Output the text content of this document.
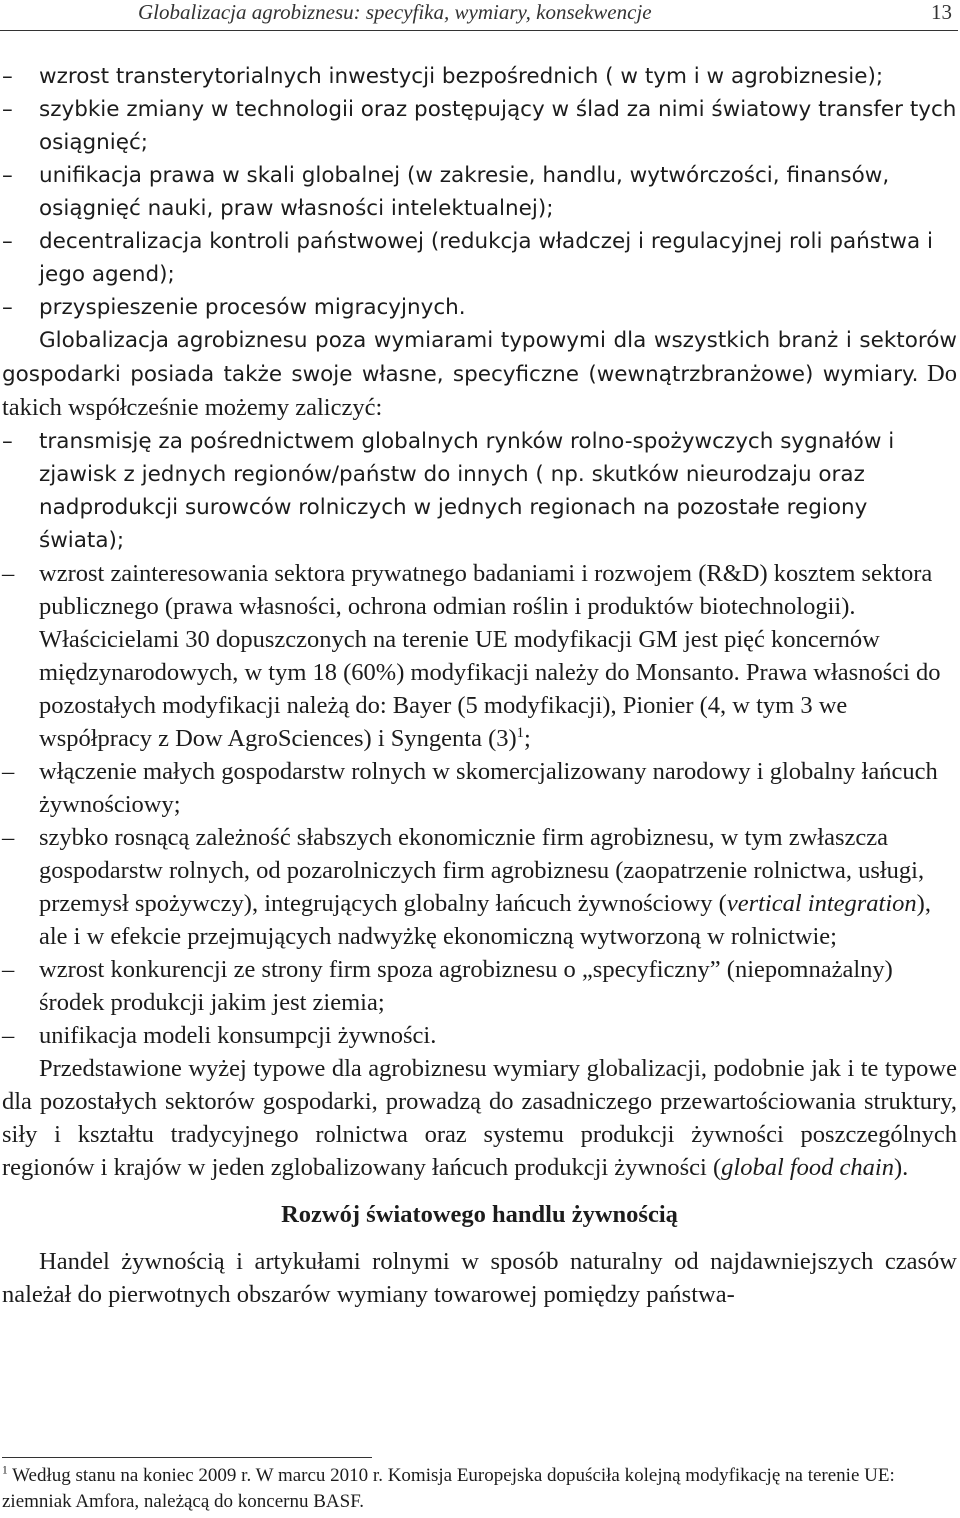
Globalizacja agrobiznesu: specyfika, wymiary, konsekwencje	13
– wzrost transterytorialnych inwestycji bezpośrednich ( w tym i w agrobiznesie);
– szybkie zmiany w technologii oraz postępujący w ślad za nimi światowy transfer tych osiągnięć;
– unifikacja prawa w skali globalnej (w zakresie, handlu, wytwórczości, finansów, osiągnięć nauki, praw własności intelektualnej);
– decentralizacja kontroli państwowej (redukcja władczej i regulacyjnej roli państwa i jego agend);
– przyspieszenie procesów migracyjnych.

Globalizacja agrobiznesu poza wymiarami typowymi dla wszystkich branż i sektorów gospodarki posiada także swoje własne, specyficzne (wewnątrzbranżowe) wymiary. Do takich współcześnie możemy zaliczyć:

– transmisję za pośrednictwem globalnych rynków rolno-spożywczych sygnałów i zjawisk z jednych regionów/państw do innych ( np. skutków nieurodzaju oraz nadprodukcji surowców rolniczych w jednych regionach na pozostałe regiony świata);
– wzrost zainteresowania sektora prywatnego badaniami i rozwojem (R&D) kosztem sektora publicznego (prawa własności, ochrona odmian roślin i produktów biotechnologii). Właścicielami 30 dopuszczonych na terenie UE modyfikacji GM jest pięć koncernów międzynarodowych, w tym 18 (60%) modyfikacji należy do Monsanto. Prawa własności do pozostałych modyfikacji należą do: Bayer (5 modyfikacji), Pionier (4, w tym 3 we współpracy z Dow AgroSciences) i Syngenta $(3)^1$;
– włączenie małych gospodarstw rolnych w skomercjalizowany narodowy i globalny łańcuch żywnościowy;
– szybko rosnącą zależność słabszych ekonomicznie firm agrobiznesu, w tym zwłaszcza gospodarstw rolnych, od pozarolniczych firm agrobiznesu (zaopatrzenie rolnictwa, usługi, przemysł spożywczy), integrujących globalny łańcuch żywnościowy (vertical integration), ale i w efekcie przejmujących nadwyżkę ekonomiczną wytworzoną w rolnictwie;
– wzrost konkurencji ze strony firm spoza agrobiznesu o „specyficzny” (niepomnażalny) środek produkcji jakim jest ziemia;
– unifikacja modeli konsumpcji żywności.

Przedstawione wyżej typowe dla agrobiznesu wymiary globalizacji, podobnie jak i te typowe dla pozostałych sektorów gospodarki, prowadzą do zasadniczego przewartościowania struktury, siły i kształtu tradycyjnego rolnictwa oraz systemu produkcji żywności poszczególnych regionów i krajów w jeden zglobalizowany łańcuch produkcji żywności (global food chain).

Rozwój światowego handlu żywnością

Handel żywnością i artykułami rolnymi w sposób naturalny od najdawniejszych czasów należał do pierwotnych obszarów wymiany towarowej pomiędzy państwa-

$^1$ Według stanu na koniec 2009 r. W marcu 2010 r. Komisja Europejska dopuściła kolejną modyfikację na terenie UE: ziemniak Amfora, należącą do koncernu BASF.
